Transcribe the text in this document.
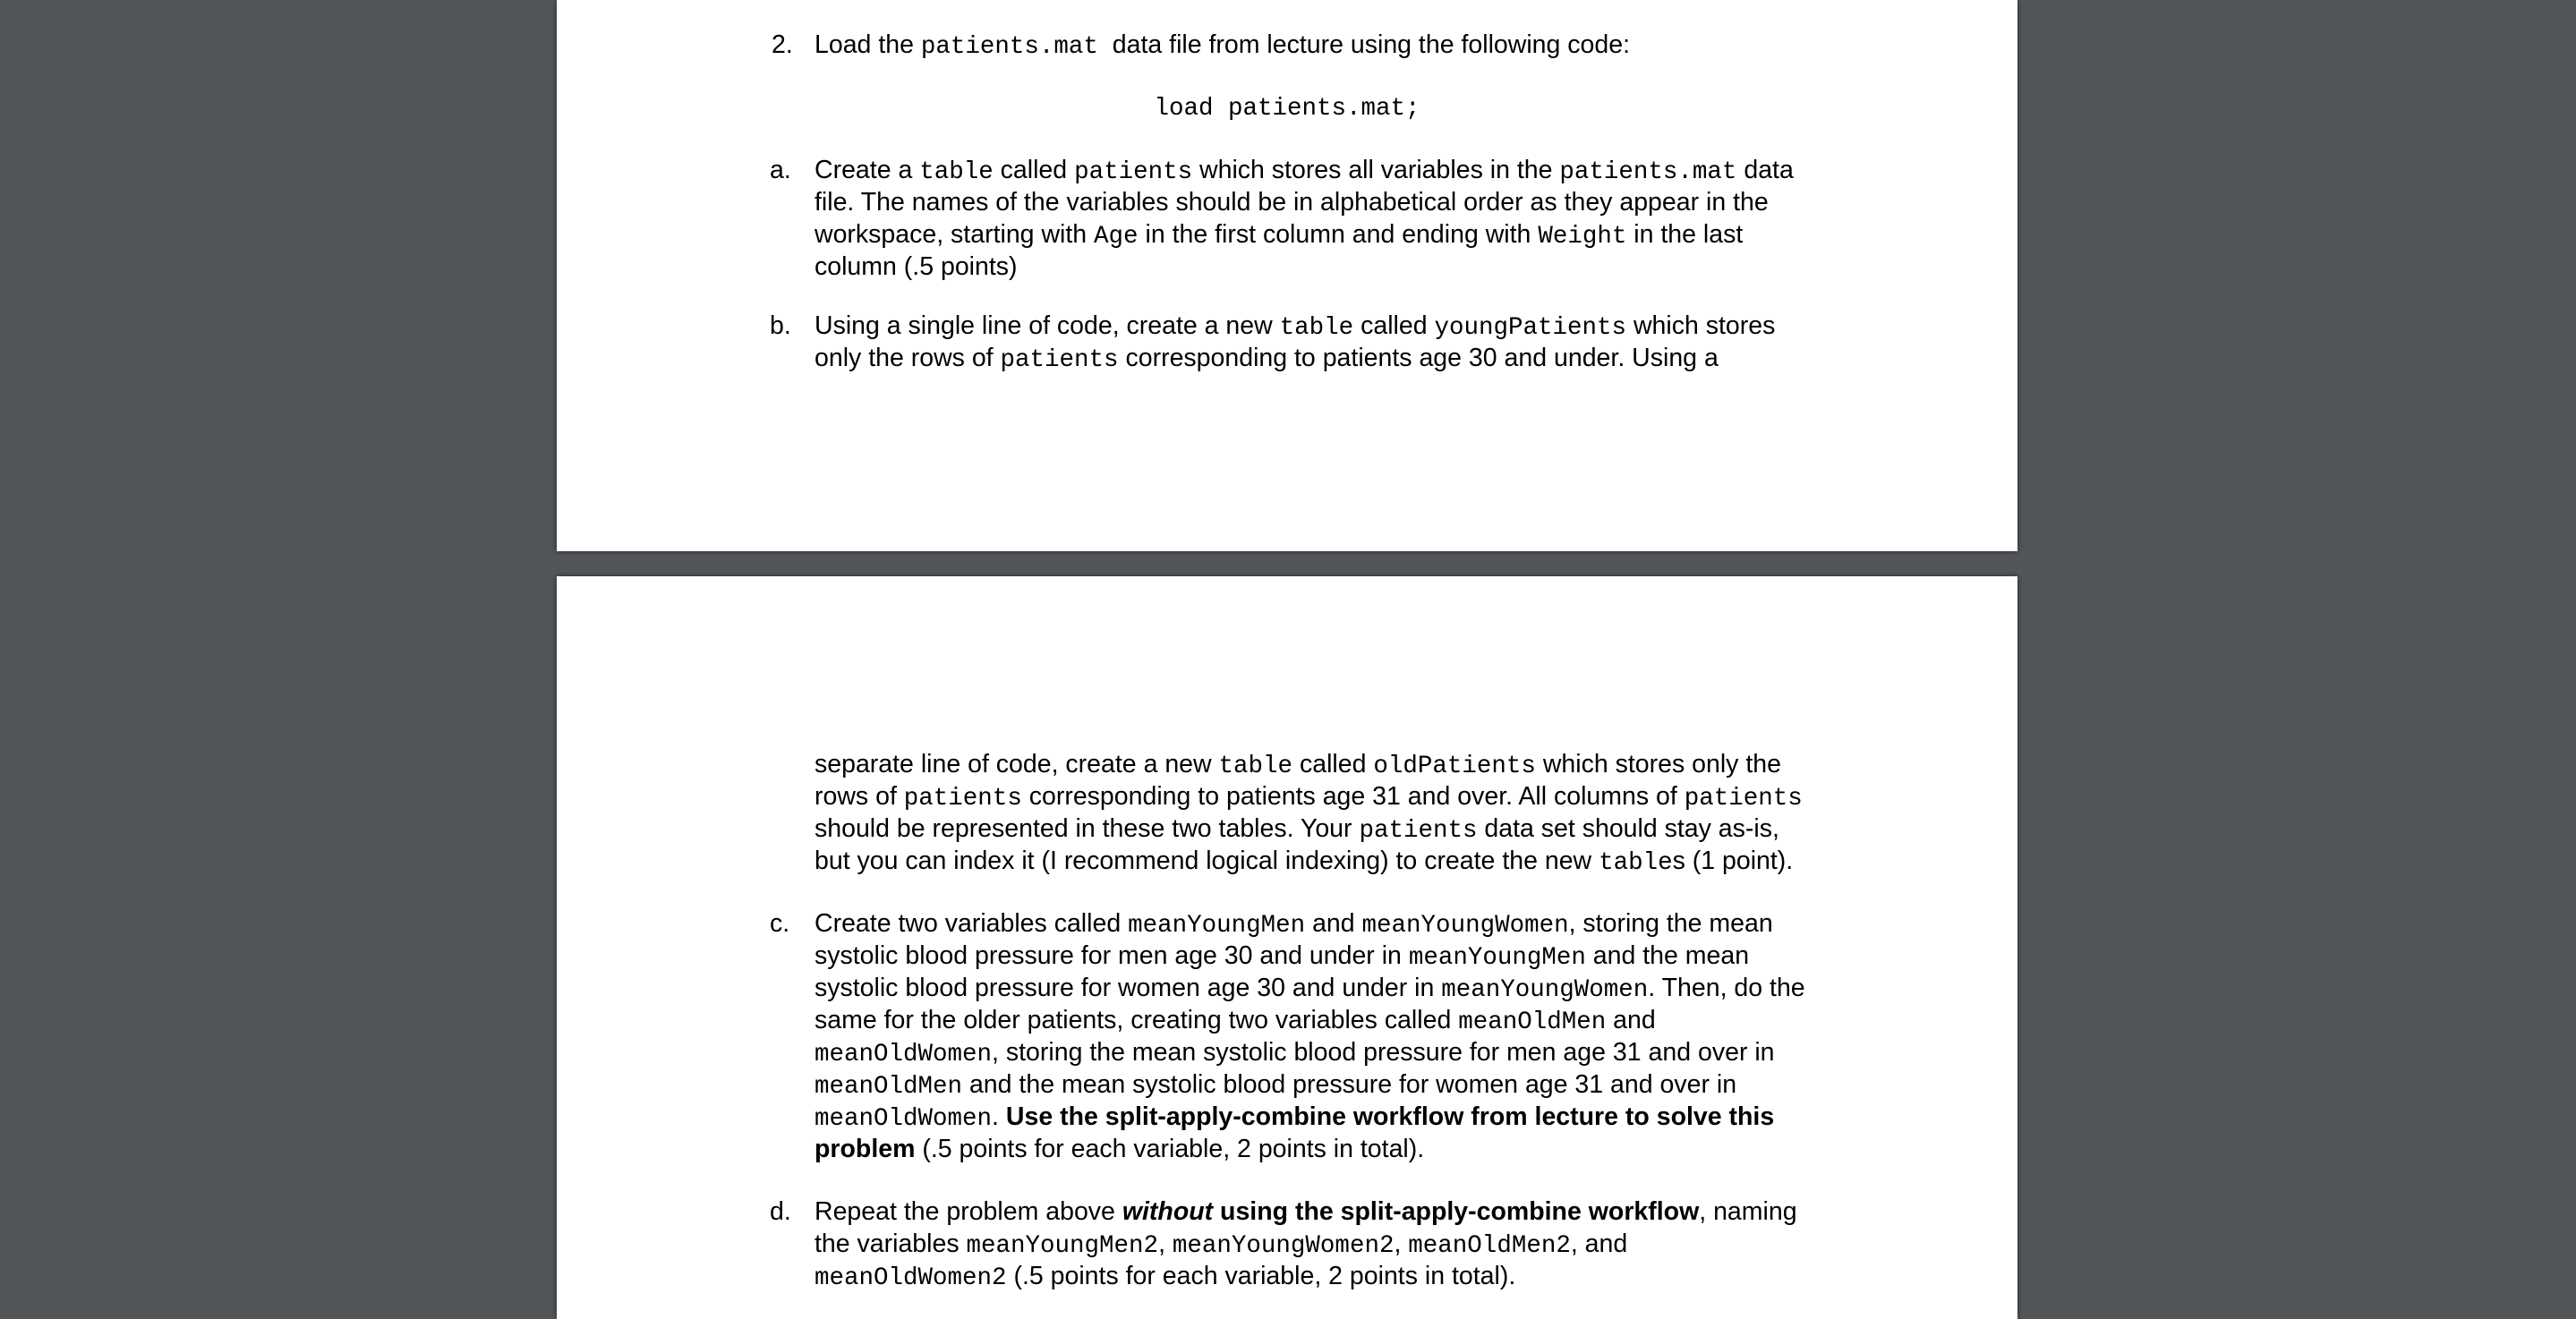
2. Load the patients.mat data file from lecture using the following code:
load patients.mat;
a. Create a table called patients which stores all variables in the patients.mat data
file. The names of the variables should be in alphabetical order as they appear in the
workspace, starting with Age in the first column and ending with Weight in the last
column (.5 points)
b. Using a single line of code, create a new table called youngPatients which stores
only the rows of patients corresponding to patients age 30 and under. Using a
separate line of code, create a new table called oldPatients which stores only the
rows of patients corresponding to patients age 31 and over. All columns of patients
should be represented in these two tables. Your patients data set should stay as-is,
but you can index it (I recommend logical indexing) to create the new tables (1 point).
c. Create two variables called meanYoungMen and meanYoungWomen, storing the mean
systolic blood pressure for men age 30 and under in meanYoungMen and the mean
systolic blood pressure for women age 30 and under in meanYoungWomen. Then, do the
same for the older patients, creating two variables called meanOldMen and
meanOldWomen, storing the mean systolic blood pressure for men age 31 and over in
meanOldMen and the mean systolic blood pressure for women age 31 and over in
meanOldWomen. Use the split-apply-combine workflow from lecture to solve this
problem (.5 points for each variable, 2 points in total).
d. Repeat the problem above without using the split-apply-combine workflow, naming
the variables meanYoungMen2, meanYoungWomen2, meanOldMen2, and
meanOldWomen2 (.5 points for each variable, 2 points in total).
